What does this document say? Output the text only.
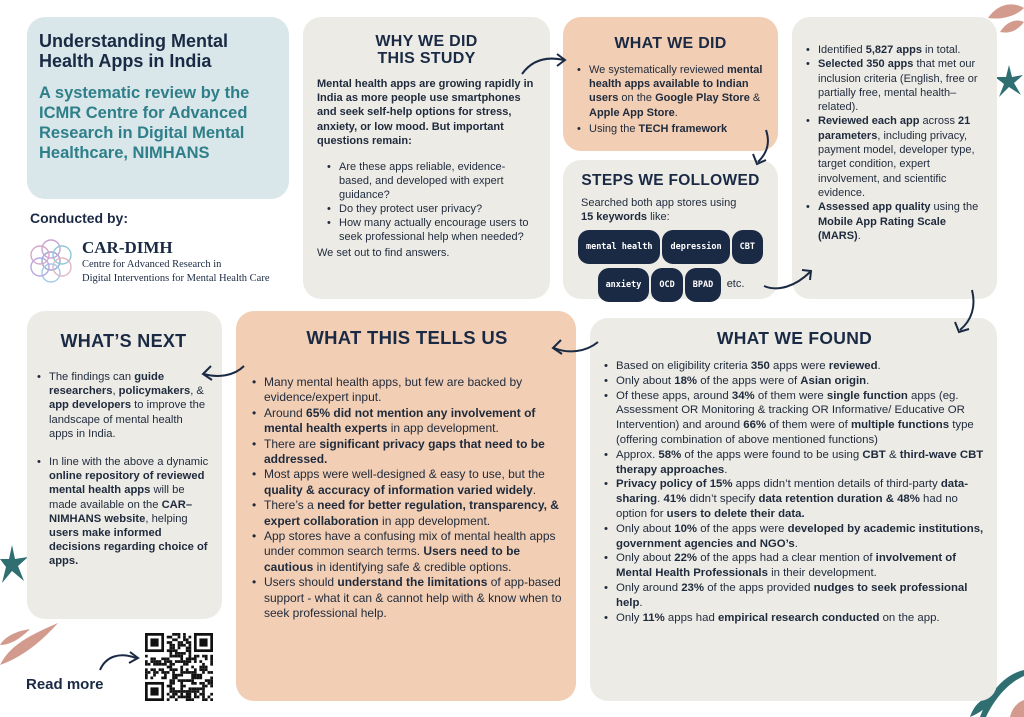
Understanding Mental Health Apps in India
A systematic review by the ICMR Centre for Advanced Research in Digital Mental Healthcare, NIMHANS
Conducted by:
CAR-DIMH
Centre for Advanced Research in
Digital Interventions for Mental Health Care
WHY WE DID THIS STUDY
Mental health apps are growing rapidly in India as more people use smartphones and seek self-help options for stress, anxiety, or low mood. But important questions remain:
• Are these apps reliable, evidence-based, and developed with expert guidance?
• Do they protect user privacy?
• How many actually encourage users to seek professional help when needed?
We set out to find answers.
WHAT WE DID
• We systematically reviewed mental health apps available to Indian users on the Google Play Store & Apple App Store.
• Using the TECH framework
STEPS WE FOLLOWED
Searched both app stores using
15 keywords like:
mental health depression CBT
anxiety OCD BPAD etc.
• Identified 5,827 apps in total.
• Selected 350 apps that met our inclusion criteria (English, free or partially free, mental health–related).
• Reviewed each app across 21 parameters, including privacy, payment model, developer type, target condition, expert involvement, and scientific evidence.
• Assessed app quality using the Mobile App Rating Scale (MARS).
WHAT’S NEXT
• The findings can guide researchers, policymakers, & app developers to improve the landscape of mental health apps in India.
• In line with the above a dynamic online repository of reviewed mental health apps will be made available on the CAR–NIMHANS website, helping users make informed decisions regarding choice of apps.
Read more
WHAT THIS TELLS US
• Many mental health apps, but few are backed by evidence/expert input.
• Around 65% did not mention any involvement of mental health experts in app development.
• There are significant privacy gaps that need to be addressed.
• Most apps were well-designed & easy to use, but the quality & accuracy of information varied widely.
• There’s a need for better regulation, transparency, & expert collaboration in app development.
• App stores have a confusing mix of mental health apps under common search terms. Users need to be cautious in identifying safe & credible options.
• Users should understand the limitations of app-based support - what it can & cannot help with & know when to seek professional help.
WHAT WE FOUND
• Based on eligibility criteria 350 apps were reviewed.
• Only about 18% of the apps were of Asian origin.
• Of these apps, around 34% of them were single function apps (eg. Assessment OR Monitoring & tracking OR Informative/ Educative OR Intervention) and around 66% of them were of multiple functions type (offering combination of above mentioned functions)
• Approx. 58% of the apps were found to be using CBT & third-wave CBT therapy approaches.
• Privacy policy of 15% apps didn’t mention details of third-party data-sharing. 41% didn’t specify data retention duration & 48% had no option for users to delete their data.
• Only about 10% of the apps were developed by academic institutions, government agencies and NGO’s.
• Only about 22% of the apps had a clear mention of involvement of Mental Health Professionals in their development.
• Only around 23% of the apps provided nudges to seek professional help.
• Only 11% apps had empirical research conducted on the app.
